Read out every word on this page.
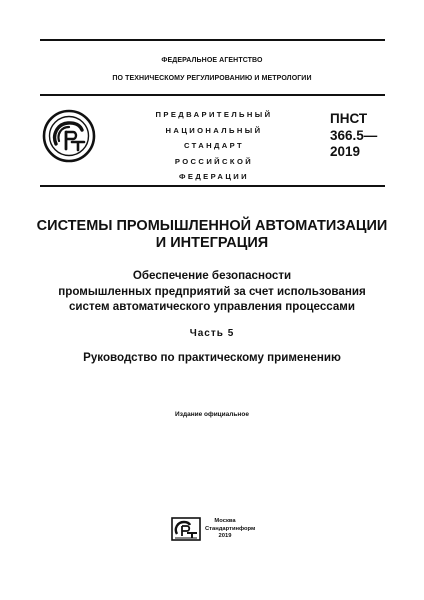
ФЕДЕРАЛЬНОЕ АГЕНТСТВО
ПО ТЕХНИЧЕСКОМУ РЕГУЛИРОВАНИЮ И МЕТРОЛОГИИ
ПРЕДВАРИТЕЛЬНЫЙ
НАЦИОНАЛЬНЫЙ
СТАНДАРТ
РОССИЙСКОЙ
ФЕДЕРАЦИИ
ПНСТ
366.5—
2019
СИСТЕМЫ ПРОМЫШЛЕННОЙ АВТОМАТИЗАЦИИ
И ИНТЕГРАЦИЯ
Обеспечение безопасности
промышленных предприятий за счет использования
систем автоматического управления процессами
Часть 5
Руководство по практическому применению
Издание официальное
Москва
Стандартинформ
2019
